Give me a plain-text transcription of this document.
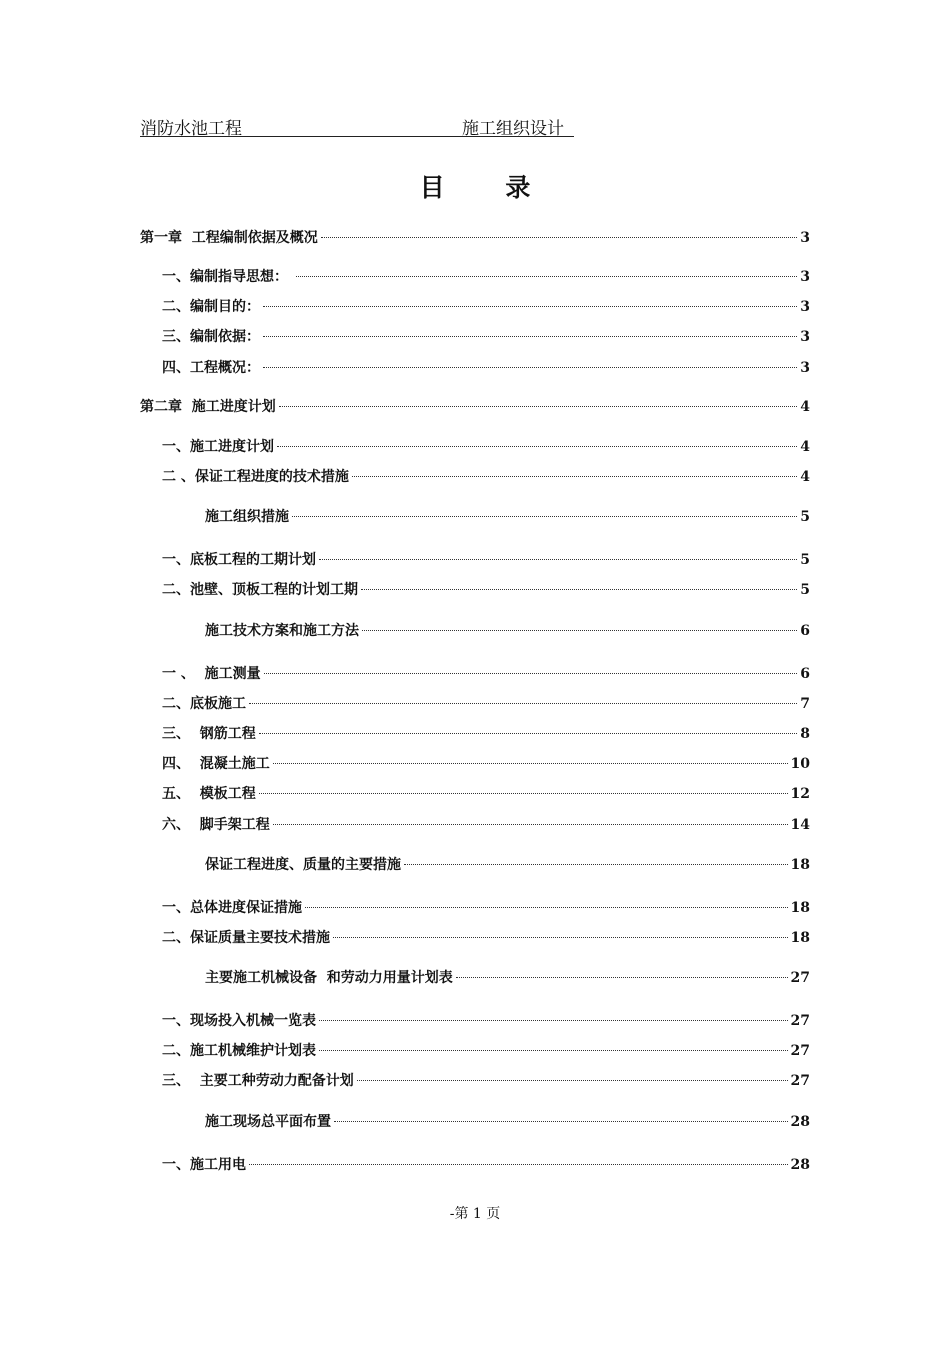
消防水池工程	施工组织设计
目 录
第一章  工程编制依据及概况	3
一、编制指导思想：	3
二、编制目的：	3
三、编制依据：	3
四、工程概况：	3
第二章  施工进度计划	4
一、施工进度计划	4
二 、保证工程进度的技术措施	4
施工组织措施	5
一、底板工程的工期计划	5
二、池壁、顶板工程的计划工期	5
施工技术方案和施工方法	6
一 、  施工测量	6
二、底板施工	7
三、  钢筋工程	8
四、  混凝土施工	10
五、  模板工程	12
六、  脚手架工程	14
保证工程进度、质量的主要措施	18
一、总体进度保证措施	18
二、保证质量主要技术措施	18
主要施工机械设备  和劳动力用量计划表	27
一、现场投入机械一览表	27
二、施工机械维护计划表	27
三、  主要工种劳动力配备计划	27
施工现场总平面布置	28
一、施工用电	28
-第 1 页
